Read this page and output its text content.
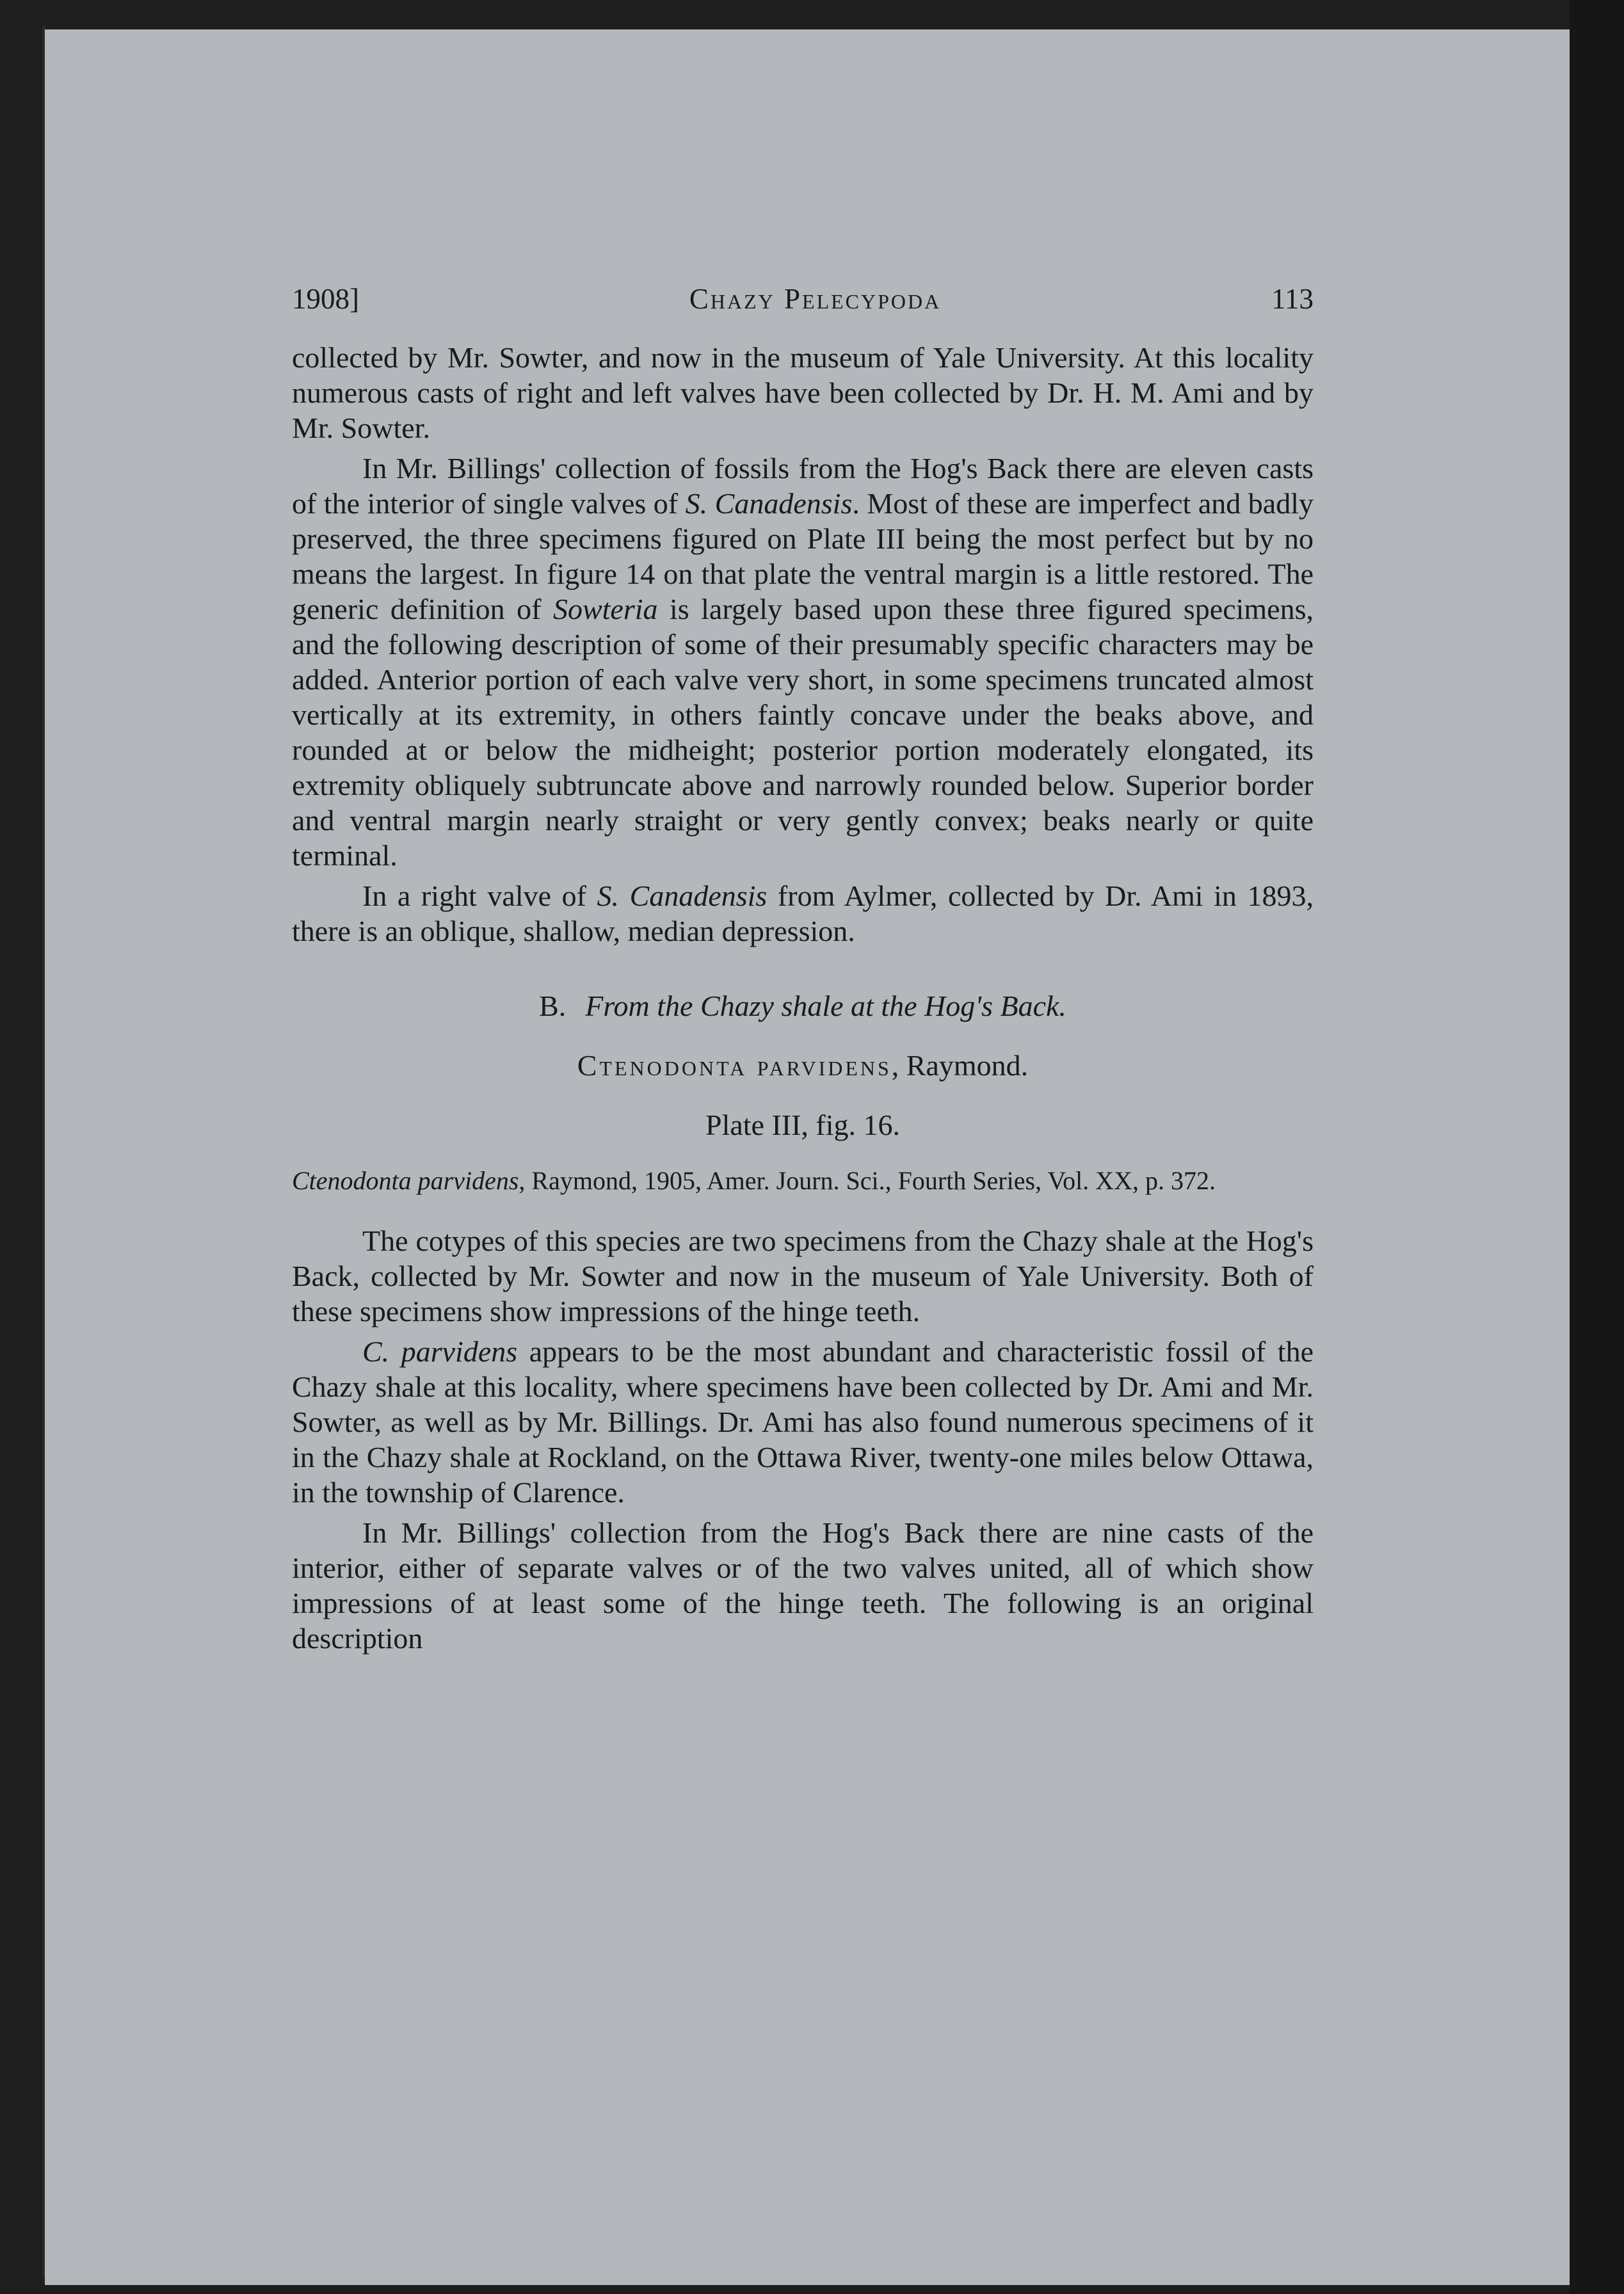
1908]	Chazy Pelecypoda	113

collected by Mr. Sowter, and now in the museum of Yale University. At this locality numerous casts of right and left valves have been collected by Dr. H. M. Ami and by Mr. Sowter.

In Mr. Billings' collection of fossils from the Hog's Back there are eleven casts of the interior of single valves of S. Canadensis. Most of these are imperfect and badly preserved, the three specimens figured on Plate III being the most perfect but by no means the largest. In figure 14 on that plate the ventral margin is a little restored. The generic definition of Sowteria is largely based upon these three figured specimens, and the following description of some of their presumably specific characters may be added. Anterior portion of each valve very short, in some specimens truncated almost vertically at its extremity, in others faintly concave under the beaks above, and rounded at or below the midheight; posterior portion moderately elongated, its extremity obliquely subtruncate above and narrowly rounded below. Superior border and ventral margin nearly straight or very gently convex; beaks nearly or quite terminal.

In a right valve of S. Canadensis from Aylmer, collected by Dr. Ami in 1893, there is an oblique, shallow, median depression.

B. From the Chazy shale at the Hog's Back.
Ctenodonta parvidens, Raymond.
Plate III, fig. 16.
Ctenodonta parvidens, Raymond, 1905, Amer. Journ. Sci., Fourth Series, Vol. XX, p. 372.

The cotypes of this species are two specimens from the Chazy shale at the Hog's Back, collected by Mr. Sowter and now in the museum of Yale University. Both of these specimens show impressions of the hinge teeth.

C. parvidens appears to be the most abundant and characteristic fossil of the Chazy shale at this locality, where specimens have been collected by Dr. Ami and Mr. Sowter, as well as by Mr. Billings. Dr. Ami has also found numerous specimens of it in the Chazy shale at Rockland, on the Ottawa River, twenty-one miles below Ottawa, in the township of Clarence.

In Mr. Billings' collection from the Hog's Back there are nine casts of the interior, either of separate valves or of the two valves united, all of which show impressions of at least some of the hinge teeth. The following is an original description
